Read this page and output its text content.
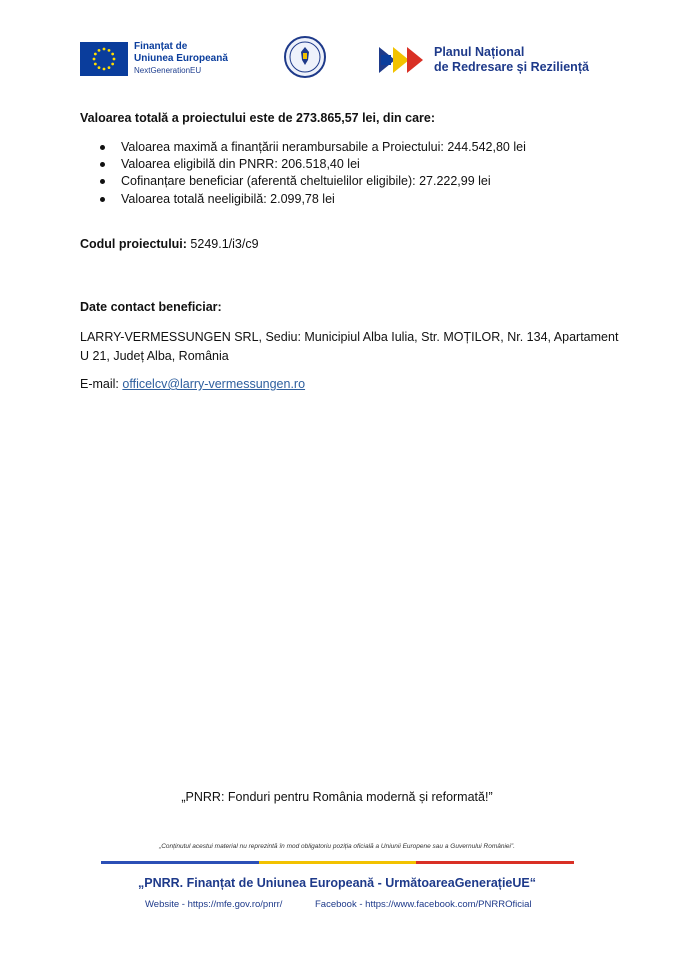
Finanțat de
Uniunea Europeană
NextGenerationEU
Planul Național
de Redresare și Reziliență
Valoarea totală a proiectului este de 273.865,57 lei, din care:
Valoarea maximă a finanțării nerambursabile a Proiectului: 244.542,80 lei
Valoarea eligibilă din PNRR: 206.518,40 lei
Cofinanțare beneficiar (aferentă cheltuielilor eligibile): 27.222,99 lei
Valoarea totală neeligibilă: 2.099,78 lei
Codul proiectului: 5249.1/i3/c9
Date contact beneficiar:
LARRY-VERMESSUNGEN SRL, Sediu: Municipiul Alba Iulia, Str. MOȚILOR, Nr. 134, Apartament
U 21, Județ Alba, România
E-mail: officelcv@larry-vermessungen.ro
„PNRR: Fonduri pentru România modernă și reformată!”
„Conținutul acestui material nu reprezintă în mod obligatoriu poziția oficială a Uniunii Europene sau a Guvernului României”.
„PNRR. Finanțat de Uniunea Europeană - UrmătoareaGenerațieUE“
Website - https://mfe.gov.ro/pnrr/	Facebook - https://www.facebook.com/PNRROficial
